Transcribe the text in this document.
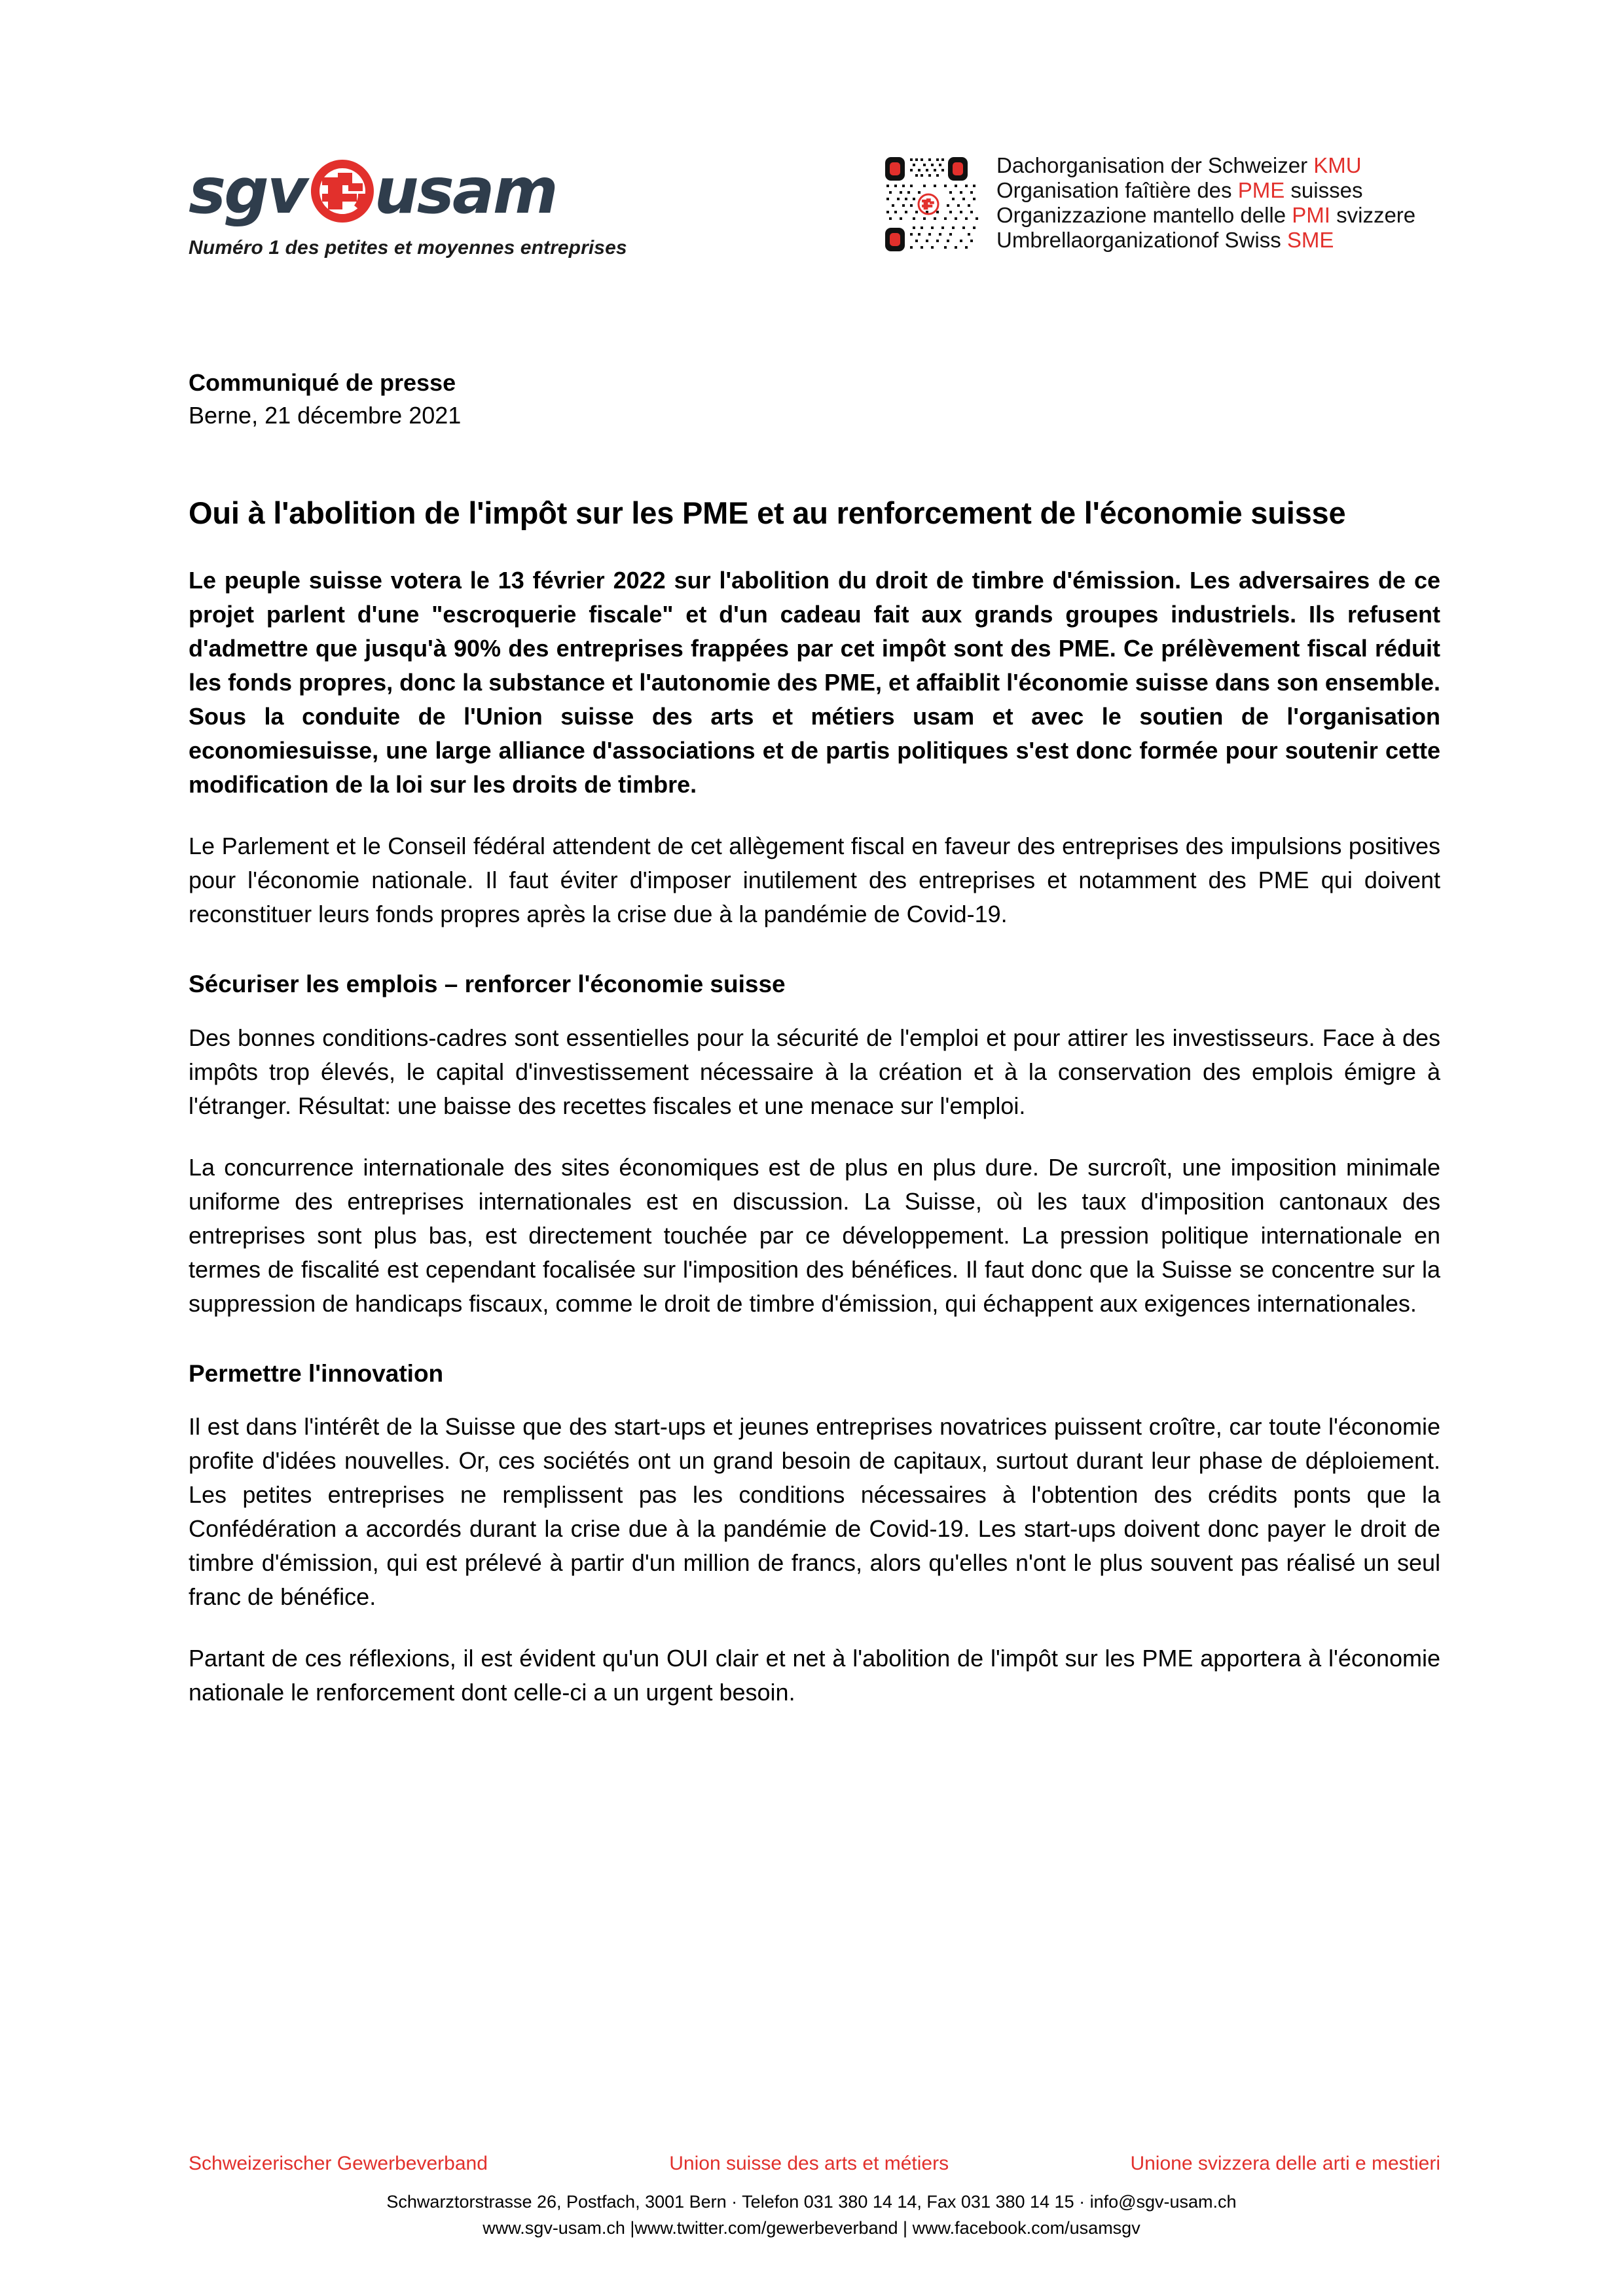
sgv usam
Numéro 1 des petites et moyennes entreprises
Dachorganisation der Schweizer KMU
Organisation faîtière des PME suisses
Organizzazione mantello delle PMI svizzere
Umbrellaorganizationof Swiss SME
Communiqué de presse
Berne, 21 décembre 2021
Oui à l'abolition de l'impôt sur les PME et au renforcement de l'économie suisse

Le peuple suisse votera le 13 février 2022 sur l'abolition du droit de timbre d'émission. Les adversaires de ce projet parlent d'une "escroquerie fiscale" et d'un cadeau fait aux grands groupes industriels. Ils refusent d'admettre que jusqu'à 90% des entreprises frappées par cet impôt sont des PME. Ce prélèvement fiscal réduit les fonds propres, donc la substance et l'autonomie des PME, et affaiblit l'économie suisse dans son ensemble. Sous la conduite de l'Union suisse des arts et métiers usam et avec le soutien de l'organisation economiesuisse, une large alliance d'associations et de partis politiques s'est donc formée pour soutenir cette modification de la loi sur les droits de timbre.

Le Parlement et le Conseil fédéral attendent de cet allègement fiscal en faveur des entreprises des impulsions positives pour l'économie nationale. Il faut éviter d'imposer inutilement des entreprises et notamment des PME qui doivent reconstituer leurs fonds propres après la crise due à la pandémie de Covid-19.

Sécuriser les emplois – renforcer l'économie suisse

Des bonnes conditions-cadres sont essentielles pour la sécurité de l'emploi et pour attirer les investisseurs. Face à des impôts trop élevés, le capital d'investissement nécessaire à la création et à la conservation des emplois émigre à l'étranger. Résultat: une baisse des recettes fiscales et une menace sur l'emploi.

La concurrence internationale des sites économiques est de plus en plus dure. De surcroît, une imposition minimale uniforme des entreprises internationales est en discussion. La Suisse, où les taux d'imposition cantonaux des entreprises sont plus bas, est directement touchée par ce développement. La pression politique internationale en termes de fiscalité est cependant focalisée sur l'imposition des bénéfices. Il faut donc que la Suisse se concentre sur la suppression de handicaps fiscaux, comme le droit de timbre d'émission, qui échappent aux exigences internationales.

Permettre l'innovation

Il est dans l'intérêt de la Suisse que des start-ups et jeunes entreprises novatrices puissent croître, car toute l'économie profite d'idées nouvelles. Or, ces sociétés ont un grand besoin de capitaux, surtout durant leur phase de déploiement. Les petites entreprises ne remplissent pas les conditions nécessaires à l'obtention des crédits ponts que la Confédération a accordés durant la crise due à la pandémie de Covid-19. Les start-ups doivent donc payer le droit de timbre d'émission, qui est prélevé à partir d'un million de francs, alors qu'elles n'ont le plus souvent pas réalisé un seul franc de bénéfice.

Partant de ces réflexions, il est évident qu'un OUI clair et net à l'abolition de l'impôt sur les PME apportera à l'économie nationale le renforcement dont celle-ci a un urgent besoin.

Schweizerischer Gewerbeverband	Union suisse des arts et métiers	Unione svizzera delle arti e mestieri
Schwarztorstrasse 26, Postfach, 3001 Bern · Telefon 031 380 14 14, Fax 031 380 14 15 · info@sgv-usam.ch
www.sgv-usam.ch |www.twitter.com/gewerbeverband | www.facebook.com/usamsgv
